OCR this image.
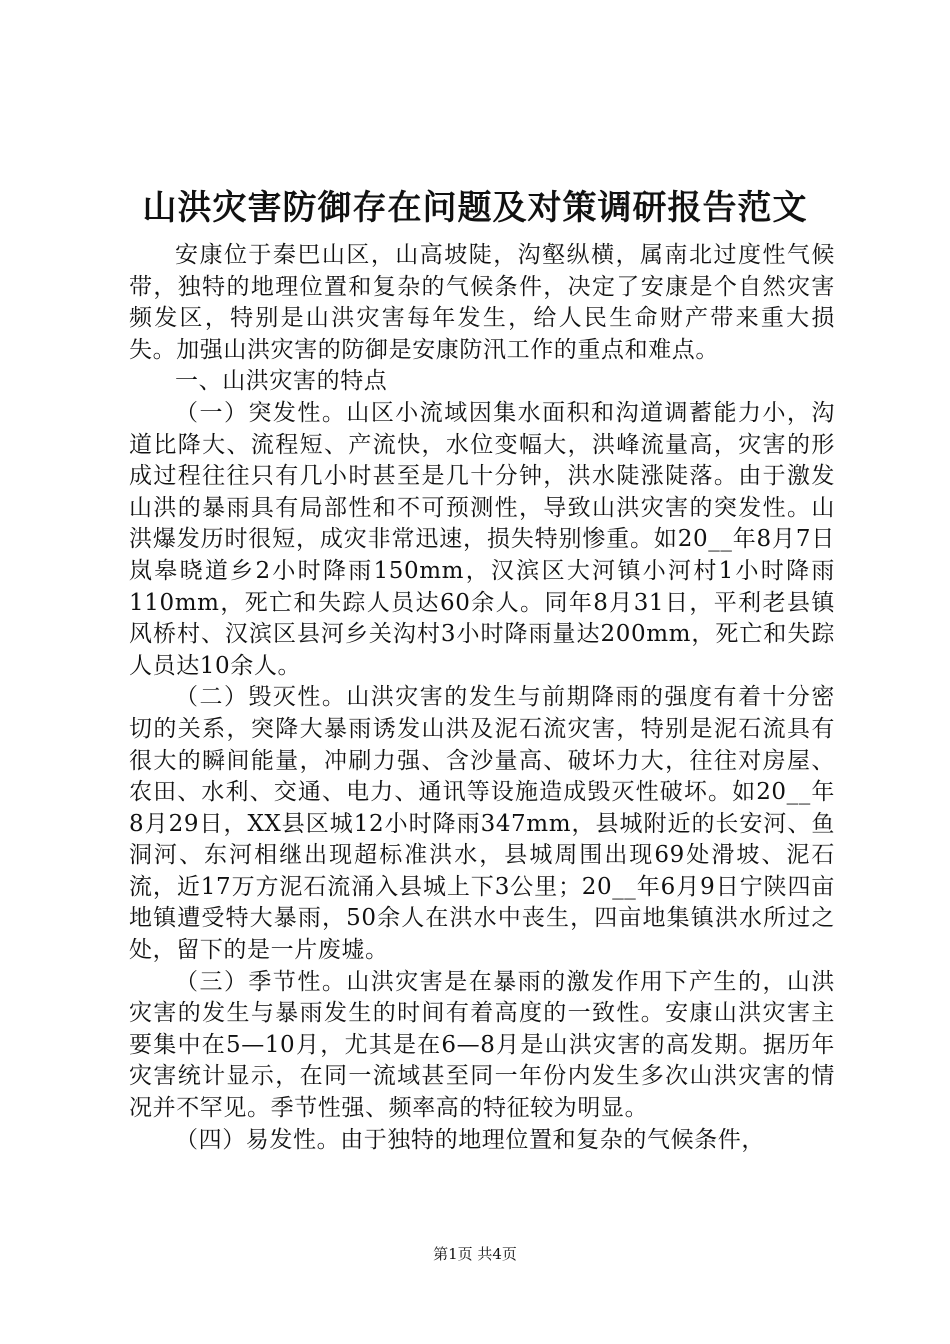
山洪灾害防御存在问题及对策调研报告范文

安康位于秦巴山区，山高坡陡，沟壑纵横，属南北过度性气候带，独特的地理位置和复杂的气候条件，决定了安康是个自然灾害频发区，特别是山洪灾害每年发生，给人民生命财产带来重大损失。加强山洪灾害的防御是安康防汛工作的重点和难点。

一、山洪灾害的特点

（一）突发性。山区小流域因集水面积和沟道调蓄能力小，沟道比降大、流程短、产流快，水位变幅大，洪峰流量高，灾害的形成过程往往只有几小时甚至是几十分钟，洪水陡涨陡落。由于激发山洪的暴雨具有局部性和不可预测性，导致山洪灾害的突发性。山洪爆发历时很短，成灾非常迅速，损失特别惨重。如20__年8月7日岚皋晓道乡2小时降雨150mm，汉滨区大河镇小河村1小时降雨110mm，死亡和失踪人员达60余人。同年8月31日，平利老县镇风桥村、汉滨区县河乡关沟村3小时降雨量达200mm，死亡和失踪人员达10余人。

（二）毁灭性。山洪灾害的发生与前期降雨的强度有着十分密切的关系，突降大暴雨诱发山洪及泥石流灾害，特别是泥石流具有很大的瞬间能量，冲刷力强、含沙量高、破坏力大，往往对房屋、农田、水利、交通、电力、通讯等设施造成毁灭性破坏。如20__年8月29日，XX县区城12小时降雨347mm，县城附近的长安河、鱼洞河、东河相继出现超标准洪水，县城周围出现69处滑坡、泥石流，近17万方泥石流涌入县城上下3公里；20__年6月9日宁陕四亩地镇遭受特大暴雨，50余人在洪水中丧生，四亩地集镇洪水所过之处，留下的是一片废墟。

（三）季节性。山洪灾害是在暴雨的激发作用下产生的，山洪灾害的发生与暴雨发生的时间有着高度的一致性。安康山洪灾害主要集中在5—10月，尤其是在6—8月是山洪灾害的高发期。据历年灾害统计显示，在同一流域甚至同一年份内发生多次山洪灾害的情况并不罕见。季节性强、频率高的特征较为明显。

（四）易发性。由于独特的地理位置和复杂的气候条件，

第1页 共4页
